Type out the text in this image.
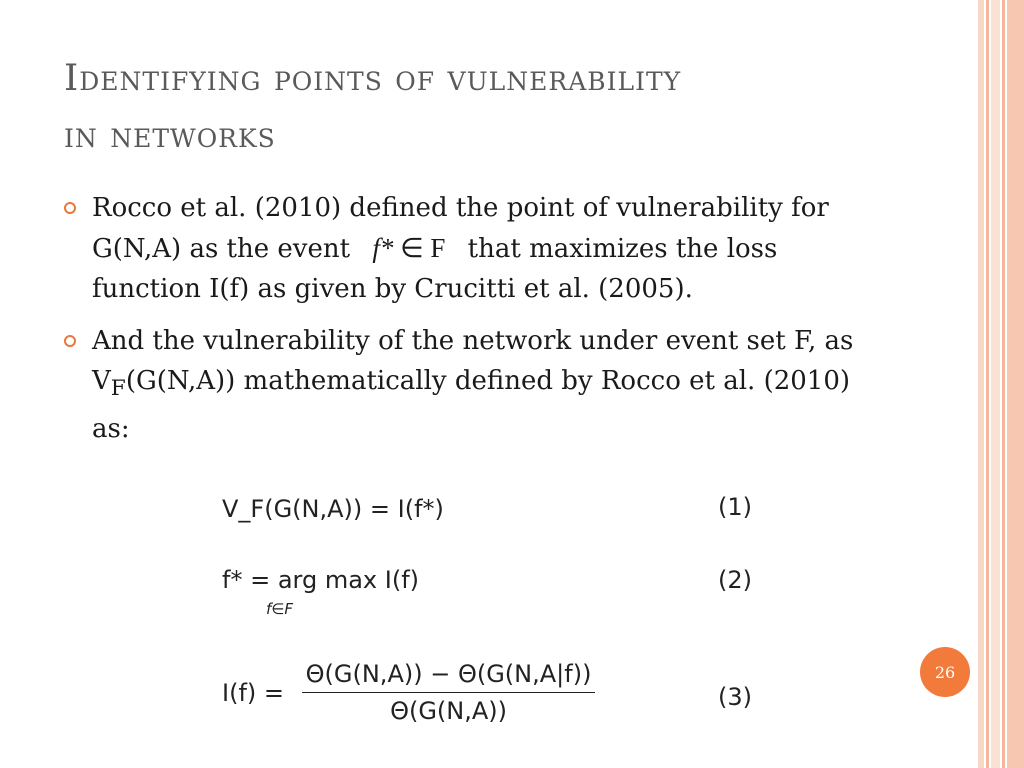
Identifying points of vulnerability
in networks
Rocco et al. (2010) defined the point of vulnerability for G(N,A) as the event f* ∈ F that maximizes the loss function I(f) as given by Crucitti et al. (2005).
And the vulnerability of the network under event set F, as $V_F(G(N,A))$ mathematically defined by Rocco et al. (2010) as:
V_F(G(N,A)) = I(f*)	(1)
f* = arg max I(f)
f∈F
(2)
$I(f) = \frac{\Theta(G(N,A)) - \Theta(G(N,A|f))}{\Theta(G(N,A))}$	(3)
26
